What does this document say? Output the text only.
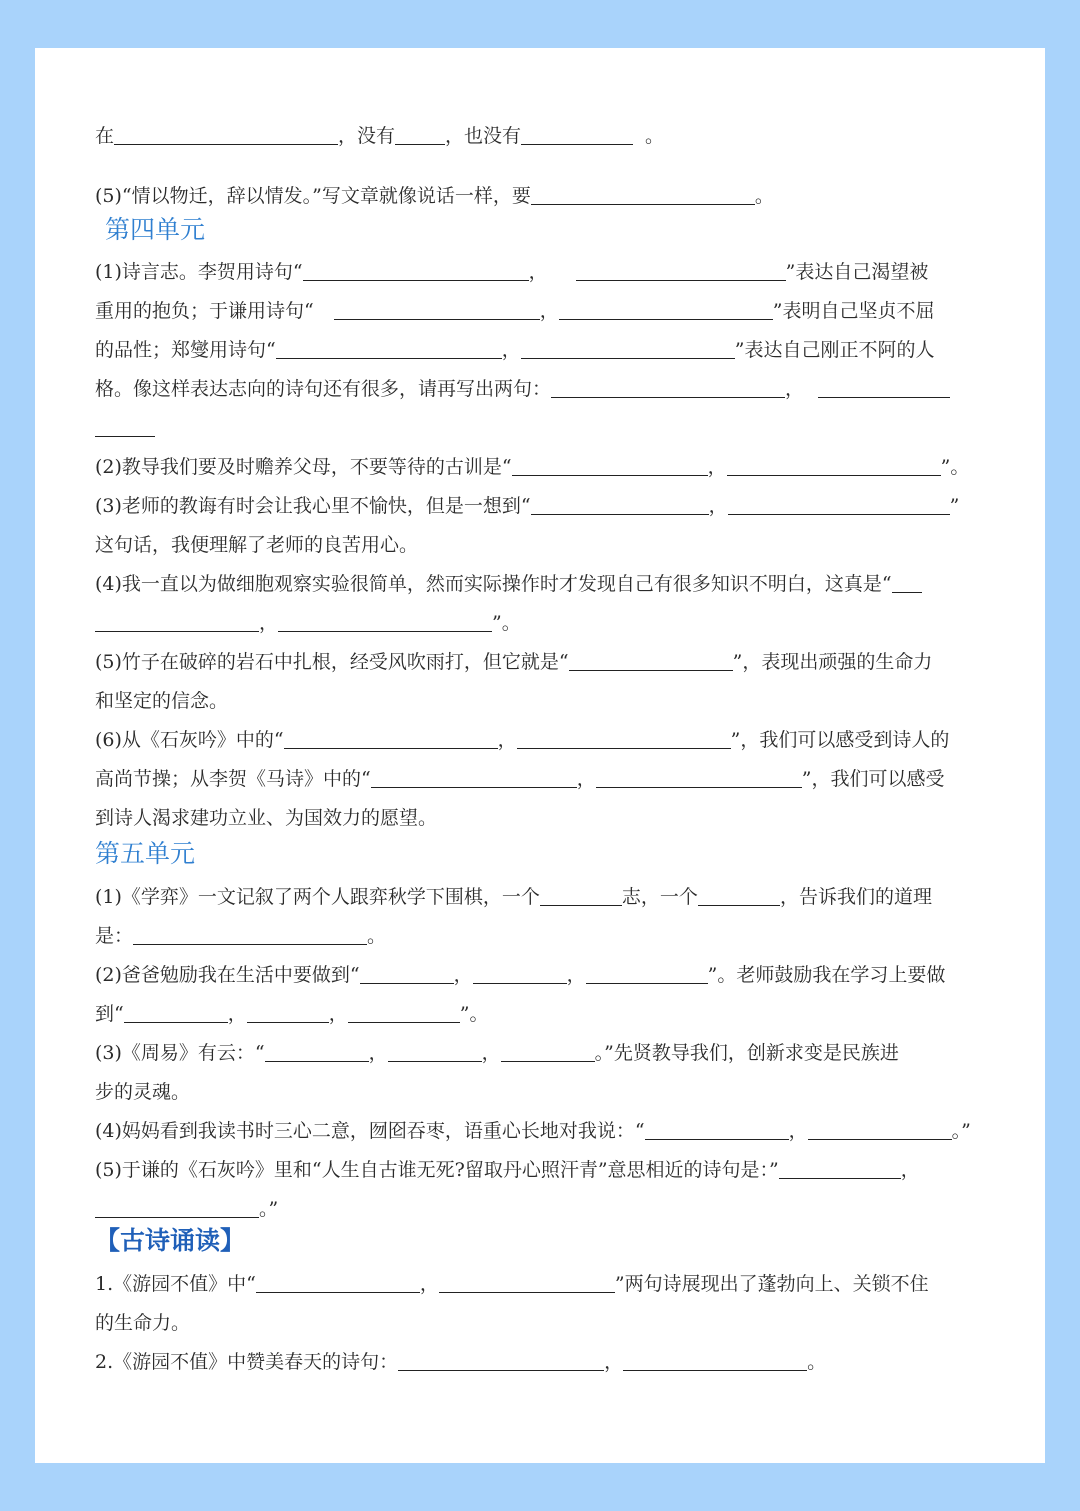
在	，没有	，也没有	。
(5)“情以物迁，辞以情发。”写文章就像说话一样，要	。
第四单元
(1)诗言志。李贺用诗句“	，	”表达自己渴望被
重用的抱负；于谦用诗句“	，	”表明自己坚贞不屈
的品性；郑燮用诗句“	，	”表达自己刚正不阿的人
格。像这样表达志向的诗句还有很多，请再写出两句：	，
(2)教导我们要及时赡养父母，不要等待的古训是“	，	”。
(3)老师的教诲有时会让我心里不愉快，但是一想到“	，	”
这句话，我便理解了老师的良苦用心。
(4)我一直以为做细胞观察实验很简单，然而实际操作时才发现自己有很多知识不明白，这真是“
，	”。
(5)竹子在破碎的岩石中扎根，经受风吹雨打，但它就是“	”，表现出顽强的生命力
和坚定的信念。
(6)从《石灰吟》中的“	，	”，我们可以感受到诗人的
高尚节操；从李贺《马诗》中的“	，	”，我们可以感受
到诗人渴求建功立业、为国效力的愿望。
第五单元
(1)《学弈》一文记叙了两个人跟弈秋学下围棋，一个	志，一个	，告诉我们的道理
是：	。
(2)爸爸勉励我在生活中要做到“	，	，	”。老师鼓励我在学习上要做
到“	，	，	”。
(3)《周易》有云：“	，	，	。”先贤教导我们，创新求变是民族进
步的灵魂。
(4)妈妈看到我读书时三心二意，囫囵吞枣，语重心长地对我说：“	，	。”
(5)于谦的《石灰吟》里和“人生自古谁无死?留取丹心照汗青”意思相近的诗句是：”	，
。”
【古诗诵读】
1.《游园不值》中“	，	”两句诗展现出了蓬勃向上、关锁不住
的生命力。
2.《游园不值》中赞美春天的诗句：	，	。
